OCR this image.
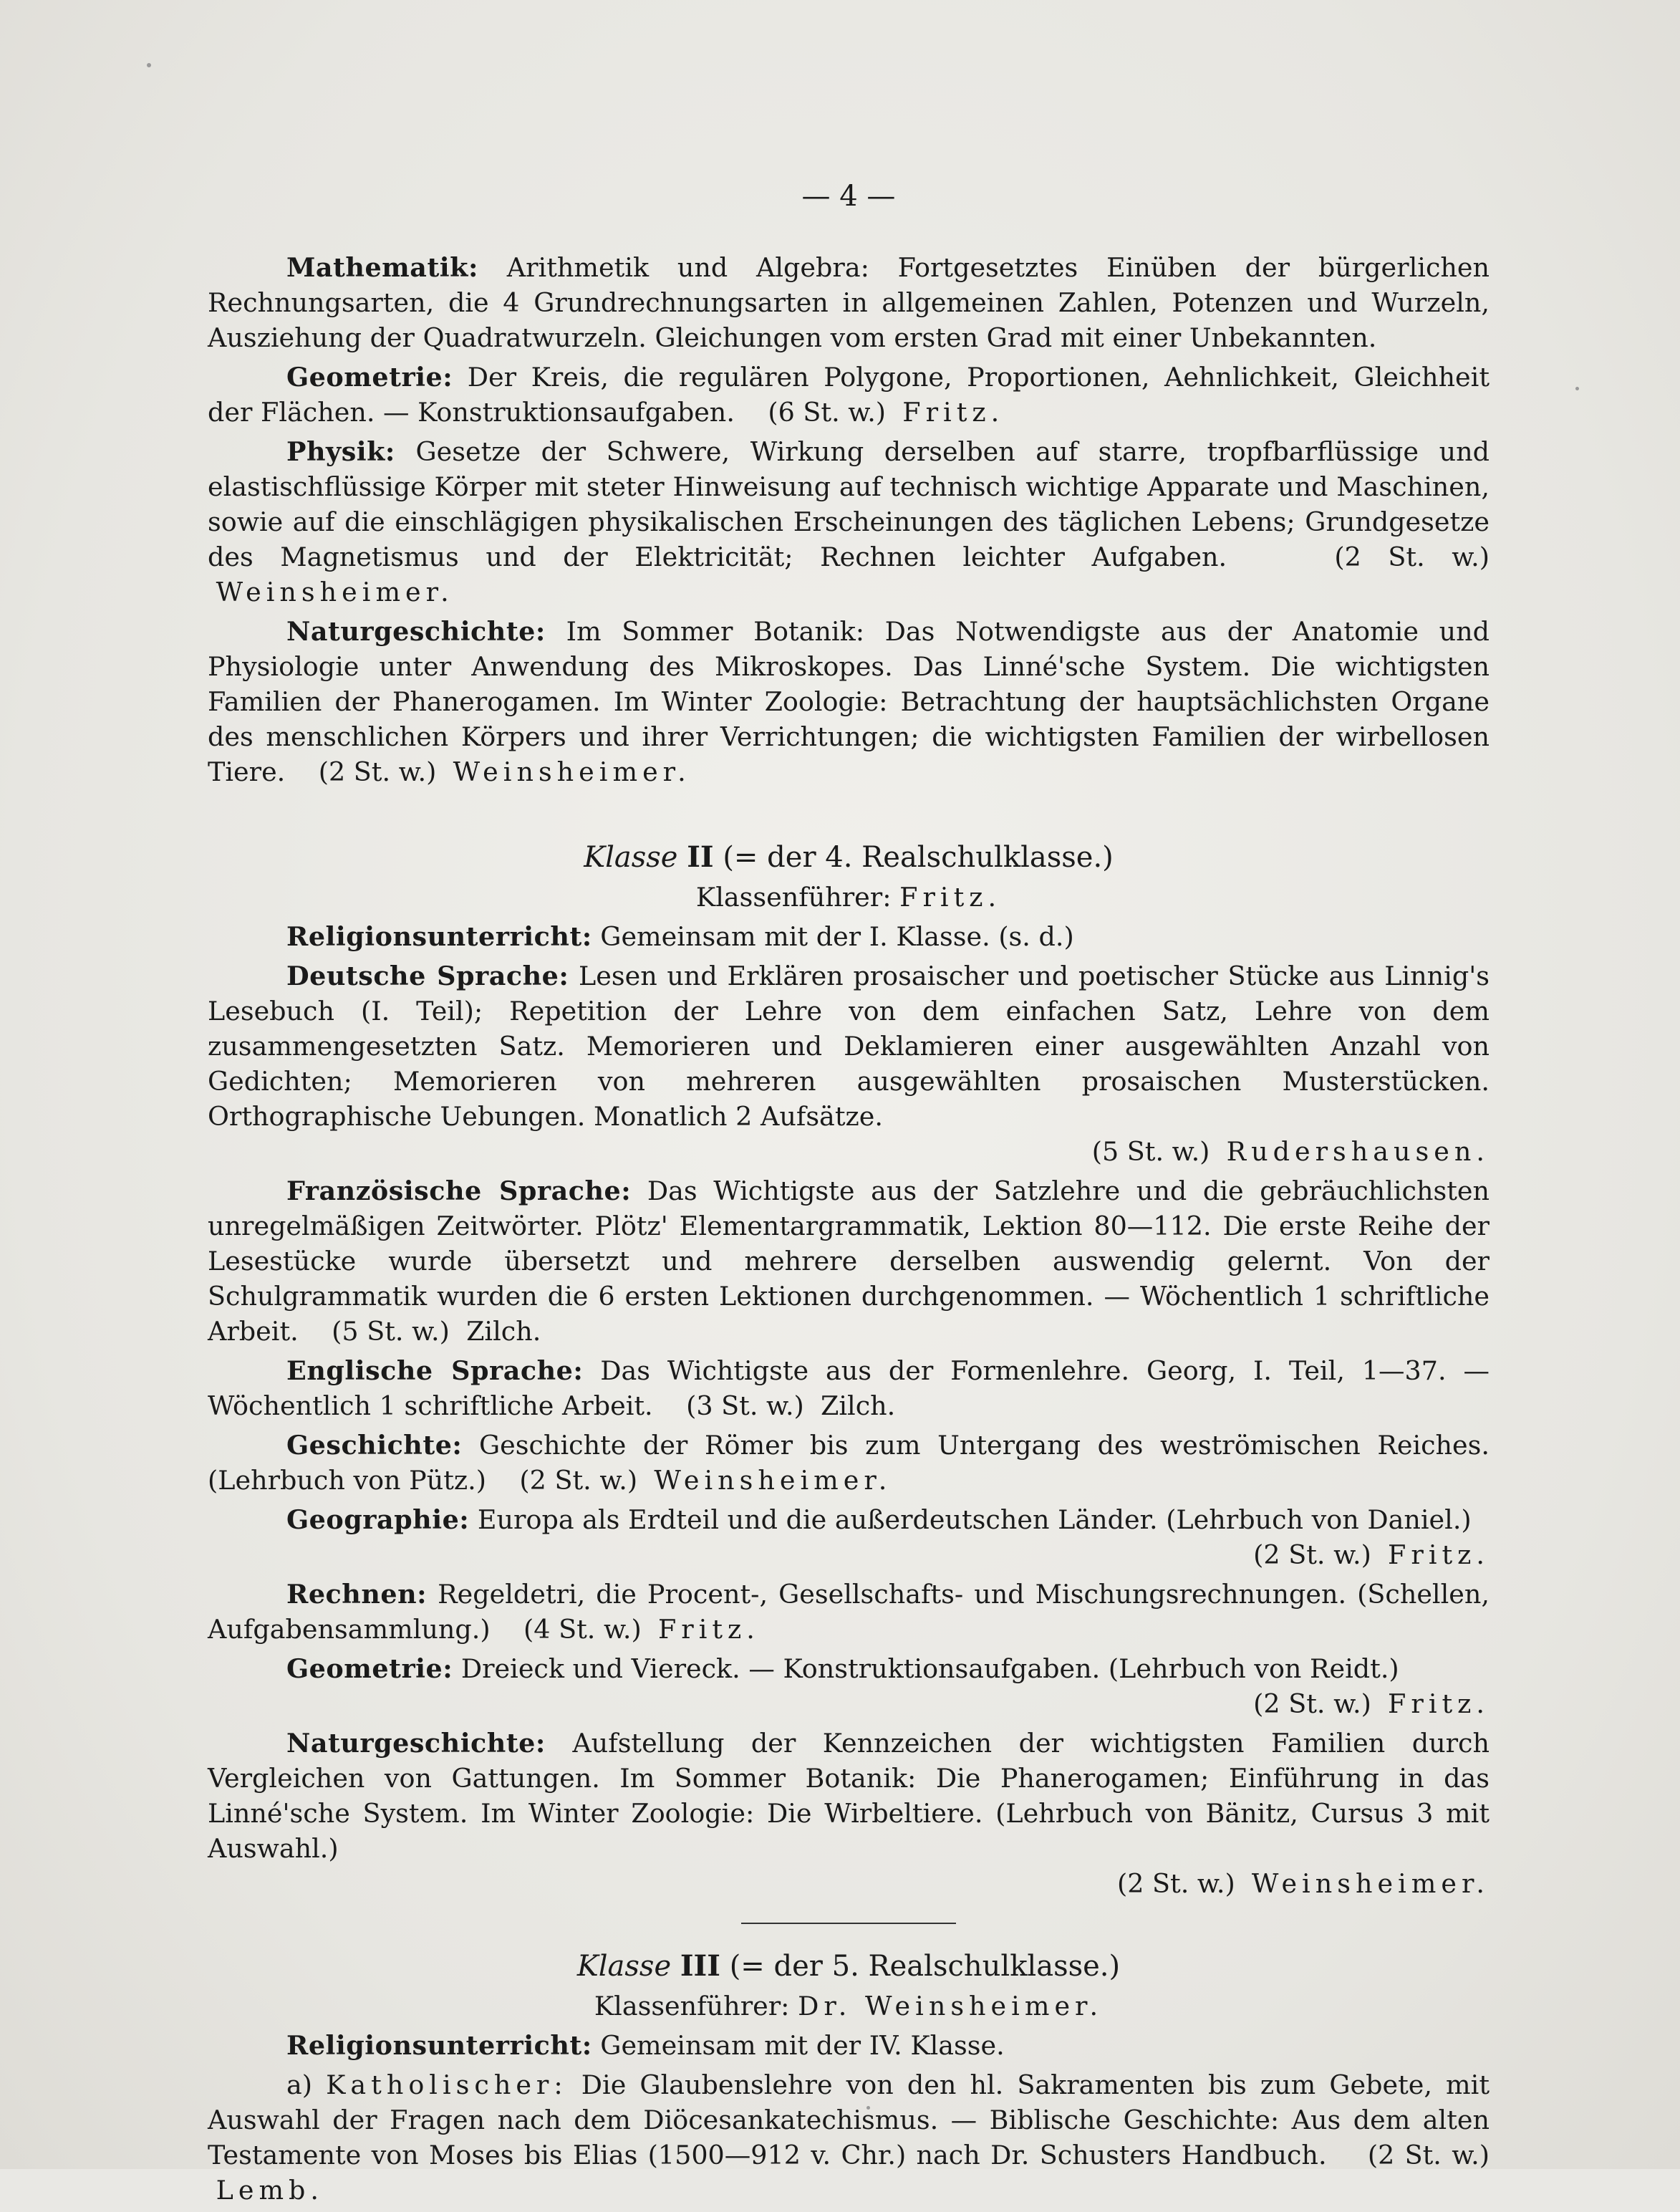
— 4 —

Mathematik: Arithmetik und Algebra: Fortgesetztes Einüben der bürgerlichen Rechnungsarten, die 4 Grundrechnungsarten in allgemeinen Zahlen, Potenzen und Wurzeln, Ausziehung der Quadratwurzeln. Gleichungen vom ersten Grad mit einer Unbekannten.

Geometrie: Der Kreis, die regulären Polygone, Proportionen, Aehnlichkeit, Gleichheit der Flächen. — Konstruktionsaufgaben. (6 St. w.) Fritz.

Physik: Gesetze der Schwere, Wirkung derselben auf starre, tropfbarflüssige und elastischflüssige Körper mit steter Hinweisung auf technisch wichtige Apparate und Maschinen, sowie auf die einschlägigen physikalischen Erscheinungen des täglichen Lebens; Grundgesetze des Magnetismus und der Elektricität; Rechnen leichter Aufgaben.	(2 St. w.)  Weinsheimer.

Naturgeschichte: Im Sommer Botanik: Das Notwendigste aus der Anatomie und Physiologie unter Anwendung des Mikroskopes. Das Linné'sche System. Die wichtigsten Familien der Phanerogamen. Im Winter Zoologie: Betrachtung der hauptsächlichsten Organe des menschlichen Körpers und ihrer Verrichtungen; die wichtigsten Familien der wirbellosen Tiere. (2 St. w.) Weinsheimer.

Klasse II (= der 4. Realschulklasse.)
Klassenführer: Fritz.

Religionsunterricht: Gemeinsam mit der I. Klasse. (s. d.)

Deutsche Sprache: Lesen und Erklären prosaischer und poetischer Stücke aus Linnig's Lesebuch (I. Teil); Repetition der Lehre von dem einfachen Satz, Lehre von dem zusammengesetzten Satz. Memorieren und Deklamieren einer ausgewählten Anzahl von Gedichten; Memorieren von mehreren ausgewählten prosaischen Musterstücken. Orthographische Uebungen. Monatlich 2 Aufsätze.
(5 St. w.) Rudershausen.

Französische Sprache: Das Wichtigste aus der Satzlehre und die gebräuchlichsten unregelmäßigen Zeitwörter. Plötz' Elementargrammatik, Lektion 80—112. Die erste Reihe der Lesestücke wurde übersetzt und mehrere derselben auswendig gelernt. Von der Schulgrammatik wurden die 6 ersten Lektionen durchgenommen. — Wöchentlich 1 schriftliche Arbeit. (5 St. w.) Zilch.

Englische Sprache: Das Wichtigste aus der Formenlehre. Georg, I. Teil, 1—37. — Wöchentlich 1 schriftliche Arbeit. (3 St. w.) Zilch.

Geschichte: Geschichte der Römer bis zum Untergang des weströmischen Reiches. (Lehrbuch von Pütz.) (2 St. w.) Weinsheimer.

Geographie: Europa als Erdteil und die außerdeutschen Länder. (Lehrbuch von Daniel.)
(2 St. w.) Fritz.

Rechnen: Regeldetri, die Procent-, Gesellschafts- und Mischungsrechnungen. (Schellen, Aufgabensammlung.) (4 St. w.) Fritz.

Geometrie: Dreieck und Viereck. — Konstruktionsaufgaben. (Lehrbuch von Reidt.)
(2 St. w.) Fritz.

Naturgeschichte: Aufstellung der Kennzeichen der wichtigsten Familien durch Vergleichen von Gattungen. Im Sommer Botanik: Die Phanerogamen; Einführung in das Linné'sche System. Im Winter Zoologie: Die Wirbeltiere. (Lehrbuch von Bänitz, Cursus 3 mit Auswahl.)
(2 St. w.) Weinsheimer.

Klasse III (= der 5. Realschulklasse.)
Klassenführer: Dr. Weinsheimer.

Religionsunterricht: Gemeinsam mit der IV. Klasse.

a) Katholischer: Die Glaubenslehre von den hl. Sakramenten bis zum Gebete, mit Auswahl der Fragen nach dem Diöcesankatechismus. — Biblische Geschichte: Aus dem alten Testamente von Moses bis Elias (1500—912 v. Chr.) nach Dr. Schusters Handbuch. (2 St. w.)  Lemb.
